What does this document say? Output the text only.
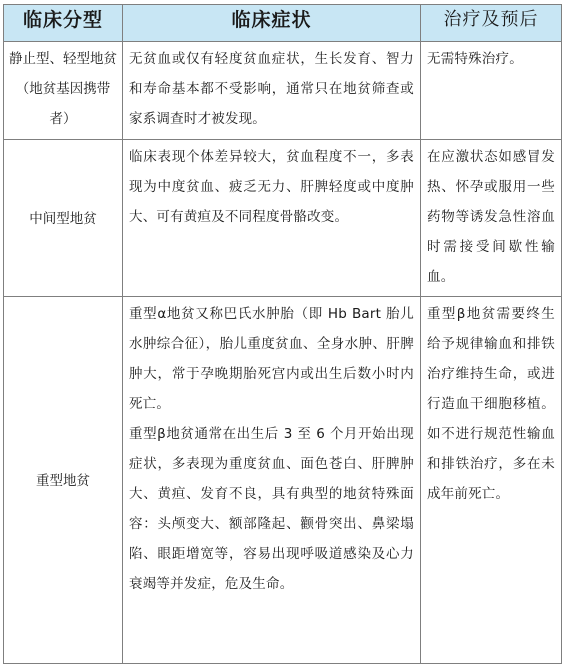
临床分型	临床症状	治疗及预后

静止型、轻型地贫（地贫基因携带者）	无贫血或仅有轻度贫血症状，生长发育、智力和寿命基本都不受影响，通常只在地贫筛查或家系调查时才被发现。	无需特殊治疗。

中间型地贫	临床表现个体差异较大，贫血程度不一，多表现为中度贫血、疲乏无力、肝脾轻度或中度肿大、可有黄疸及不同程度骨骼改变。	在应激状态如感冒发热、怀孕或服用一些药物等诱发急性溶血时需接受间歇性输血。

重型地贫	重型α地贫又称巴氏水肿胎（即 Hb Bart 胎儿水肿综合征），胎儿重度贫血、全身水肿、肝脾肿大，常于孕晚期胎死宫内或出生后数小时内死亡。
重型β地贫通常在出生后 3 至 6 个月开始出现症状，多表现为重度贫血、面色苍白、肝脾肿大、黄疸、发育不良，具有典型的地贫特殊面容：头颅变大、额部隆起、颧骨突出、鼻梁塌陷、眼距增宽等，容易出现呼吸道感染及心力衰竭等并发症，危及生命。	重型β地贫需要终生给予规律输血和排铁治疗维持生命，或进行造血干细胞移植。如不进行规范性输血和排铁治疗，多在未成年前死亡。
